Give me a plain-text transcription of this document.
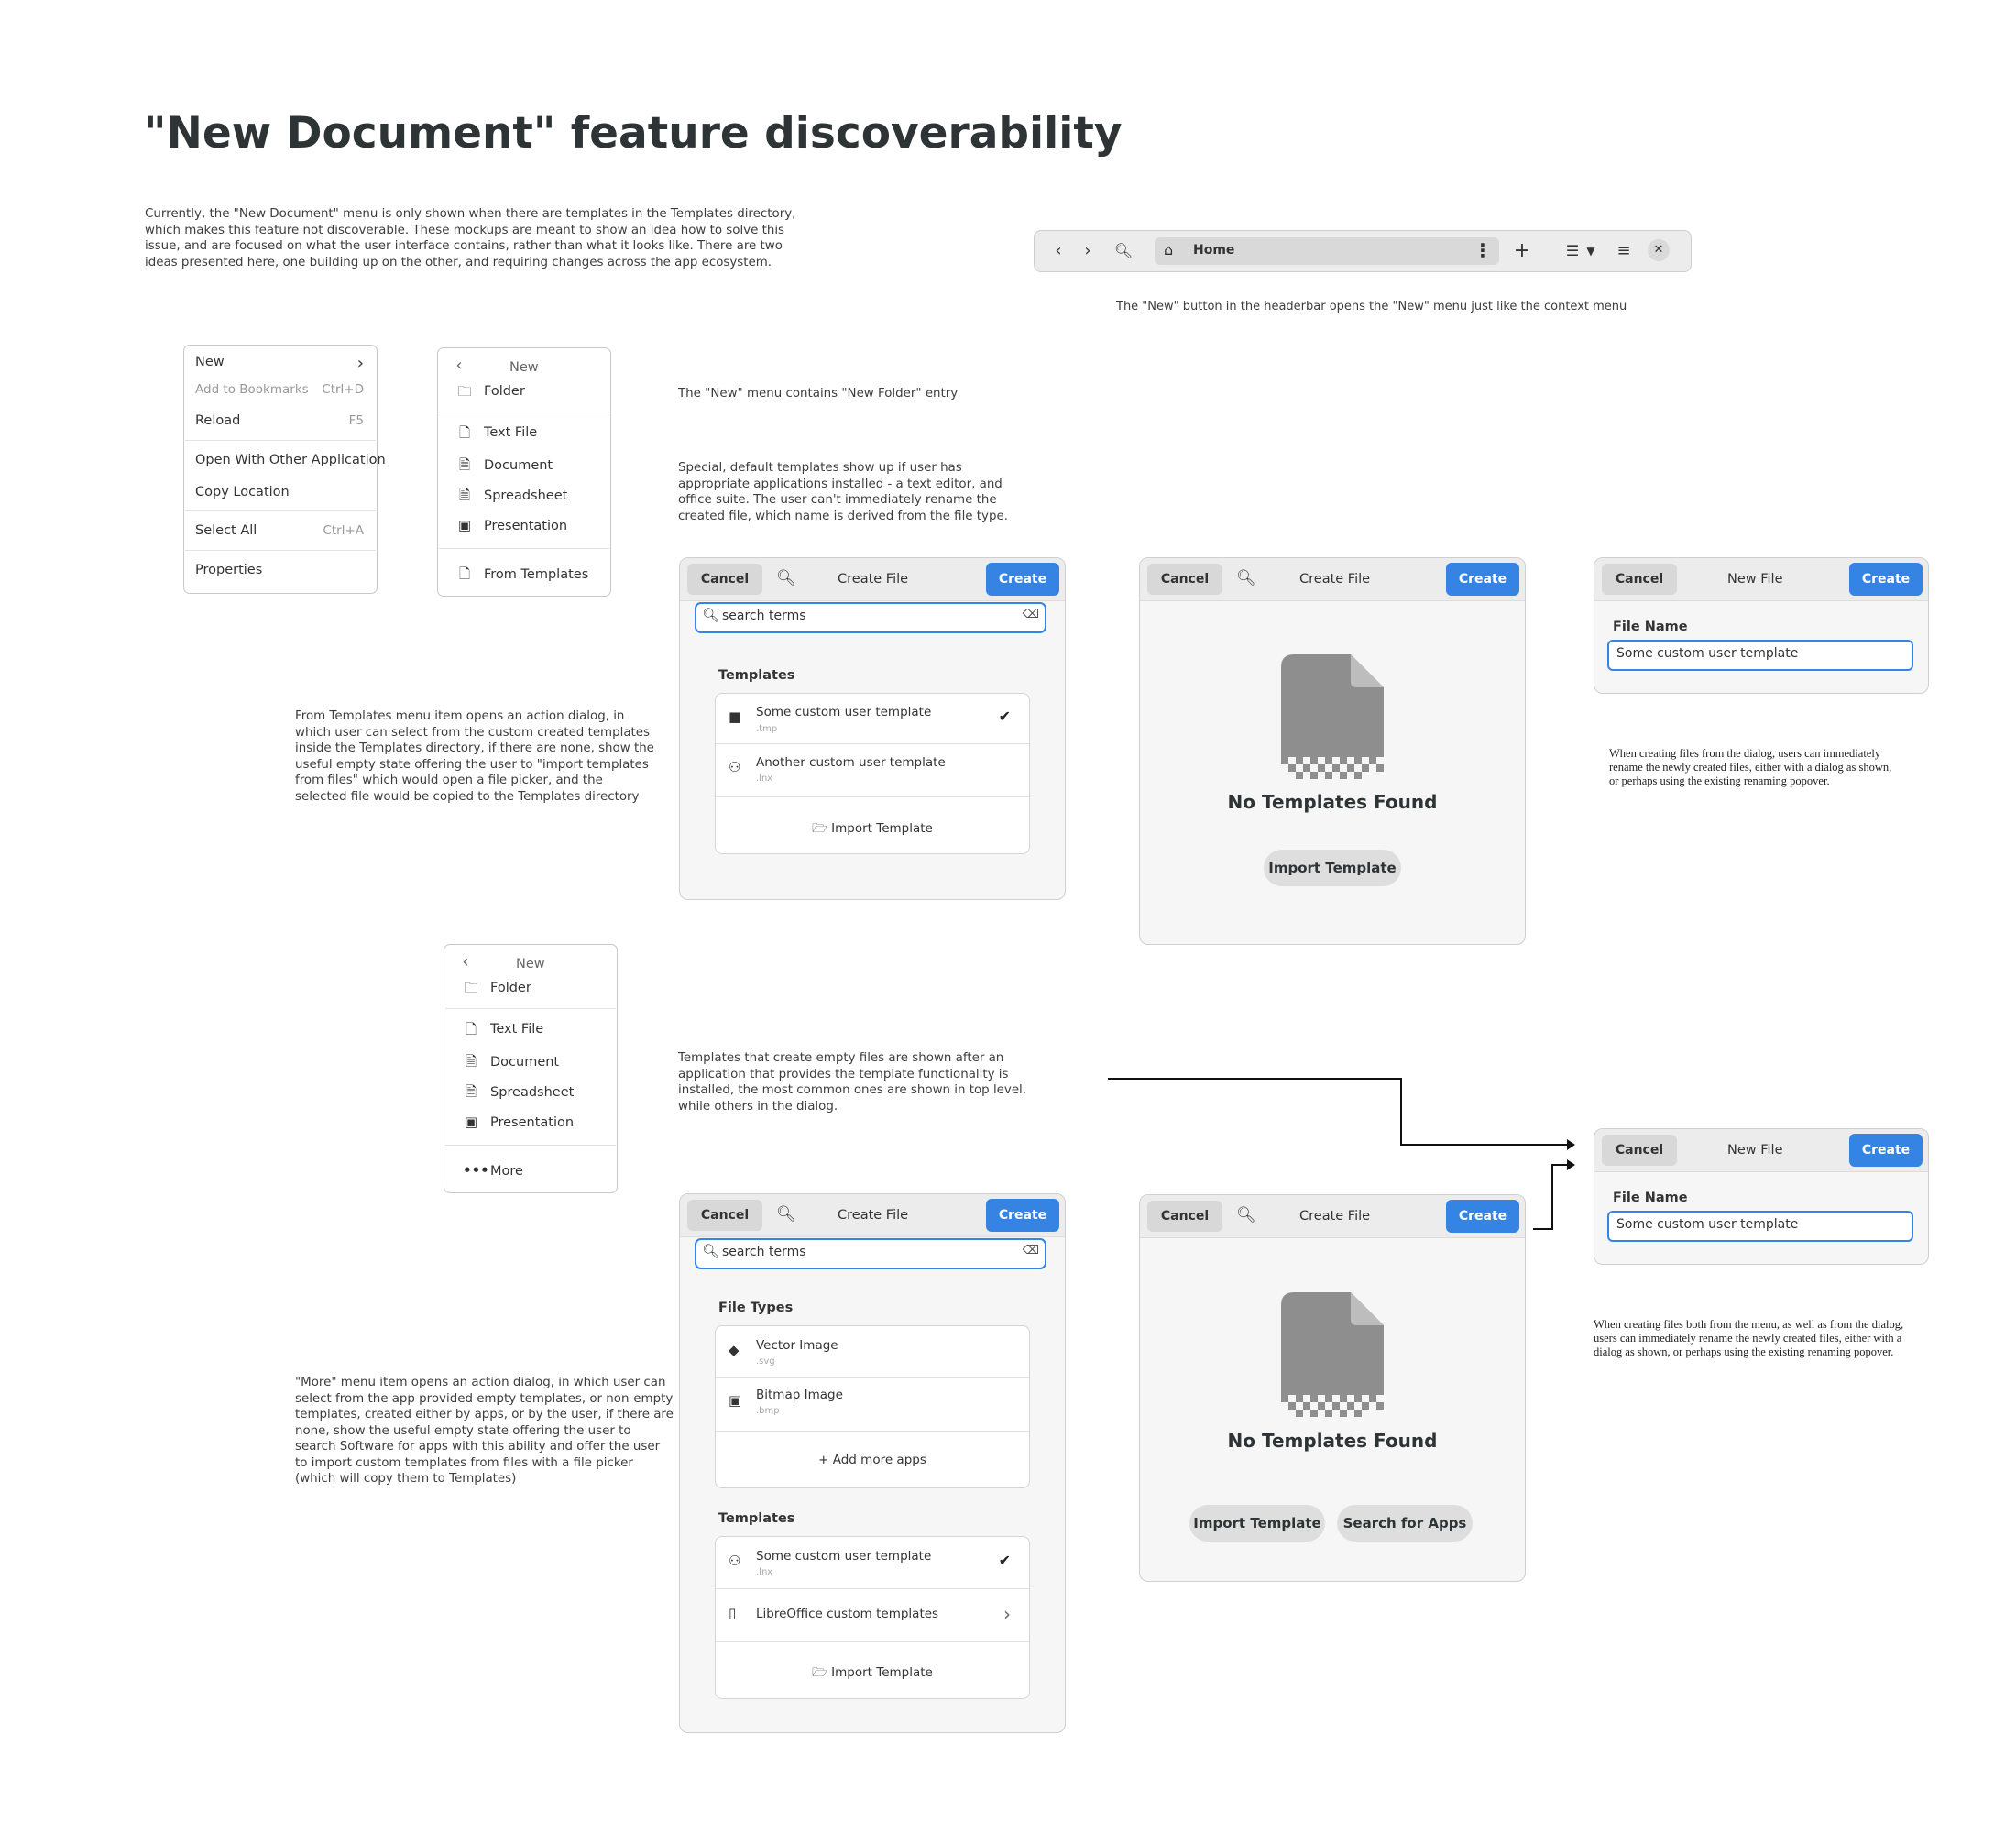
"New Document" feature discoverability
Currently, the "New Document" menu is only shown when there are templates in the Templates directory, which makes this feature not discoverable. These mockups are meant to show an idea how to solve this issue, and are focused on what the user interface contains, rather than what it looks like. There are two ideas presented here, one building up on the other, and requiring changes across the app ecosystem.
‹	›	🔍︎ ⌂ Home	⋮ +	☰ ▼	≡	✕
The "New" button in the headerbar opens the "New" menu just like the context menu
New	›
Add to Bookmarks Ctrl+D
Reload	F5
Open With Other Application
Copy Location
Select All	Ctrl+A
Properties
‹	New
🗀︎ Folder
🗋︎ Text File
🗎︎ Document
🗎︎ Spreadsheet
▣ Presentation
🗋︎ From Templates
The "New" menu contains "New Folder" entry
Special, default templates show up if user has appropriate applications installed - a text editor, and office suite. The user can't immediately rename the created file, which name is derived from the file type.
Cancel	🔍︎	Create File	Create
🔍︎ search terms	⌫
Templates
■ Some custom user template
.tmp
✔
⚇ Another custom user template
.lnx
🗁︎ Import Template
Cancel	🔍︎	Create File	Create
No Templates Found
Import Template
Cancel	New File	Create
File Name
Some custom user template
When creating files from the dialog, users can immediately rename the newly created files, either with a dialog as shown, or perhaps using the existing renaming popover.
From Templates menu item opens an action dialog, in which user can select from the custom created templates inside the Templates directory, if there are none, show the useful empty state offering the user to "import templates from files" which would open a file picker, and the selected file would be copied to the Templates directory
‹	New
🗀︎ Folder
🗋︎ Text File
🗎︎ Document
🗎︎ Spreadsheet
▣ Presentation
••• More
Templates that create empty files are shown after an application that provides the template functionality is installed, the most common ones are shown in top level, while others in the dialog.
Cancel	🔍︎	Create File	Create
🔍︎ search terms	⌫
File Types
◆ Vector Image
.svg
▣ Bitmap Image
.bmp
+ Add more apps
Templates
⚇ Some custom user template
.lnx
✔
▯ LibreOffice custom templates	›
🗁︎ Import Template
"More" menu item opens an action dialog, in which user can select from the app provided empty templates, or non-empty templates, created either by apps, or by the user, if there are none, show the useful empty state offering the user to search Software for apps with this ability and offer the user to import custom templates from files with a file picker (which will copy them to Templates)
Cancel	🔍︎	Create File	Create
No Templates Found
Import Template	Search for Apps
Cancel	New File	Create
File Name
Some custom user template
When creating files both from the menu, as well as from the dialog, users can immediately rename the newly created files, either with a dialog as shown, or perhaps using the existing renaming popover.
